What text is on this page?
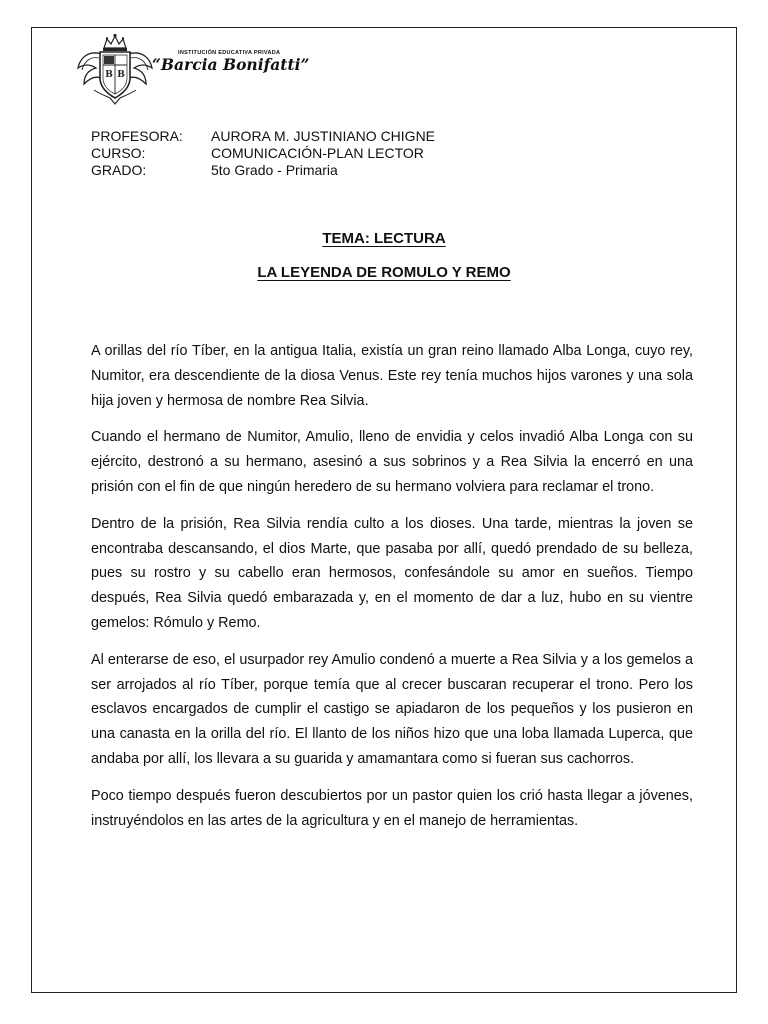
B B
INSTITUCIÓN EDUCATIVA PRIVADA
“Barcia Bonifatti”
PROFESORA:	AURORA M. JUSTINIANO CHIGNE
CURSO:	COMUNICACIÓN-PLAN LECTOR
GRADO:	5to Grado - Primaria
TEMA: LECTURA
LA LEYENDA DE ROMULO Y REMO

A orillas del río Tíber, en la antigua Italia, existía un gran reino llamado Alba Longa, cuyo rey, Numitor, era descendiente de la diosa Venus. Este rey tenía muchos hijos varones y una sola hija joven y hermosa de nombre Rea Silvia.

Cuando el hermano de Numitor, Amulio, lleno de envidia y celos invadió Alba Longa con su ejército, destronó a su hermano, asesinó a sus sobrinos y a Rea Silvia la encerró en una prisión con el fin de que ningún heredero de su hermano volviera para reclamar el trono.

Dentro de la prisión, Rea Silvia rendía culto a los dioses. Una tarde, mientras la joven se encontraba descansando, el dios Marte, que pasaba por allí, quedó prendado de su belleza, pues su rostro y su cabello eran hermosos, confesándole su amor en sueños. Tiempo después, Rea Silvia quedó embarazada y, en el momento de dar a luz, hubo en su vientre gemelos: Rómulo y Remo.

Al enterarse de eso, el usurpador rey Amulio condenó a muerte a Rea Silvia y a los gemelos a ser arrojados al río Tíber, porque temía que al crecer buscaran recuperar el trono. Pero los esclavos encargados de cumplir el castigo se apiadaron de los pequeños y los pusieron en una canasta en la orilla del río. El llanto de los niños hizo que una loba llamada Luperca, que andaba por allí, los llevara a su guarida y amamantara como si fueran sus cachorros.

Poco tiempo después fueron descubiertos por un pastor quien los crió hasta llegar a jóvenes, instruyéndolos en las artes de la agricultura y en el manejo de herramientas.
